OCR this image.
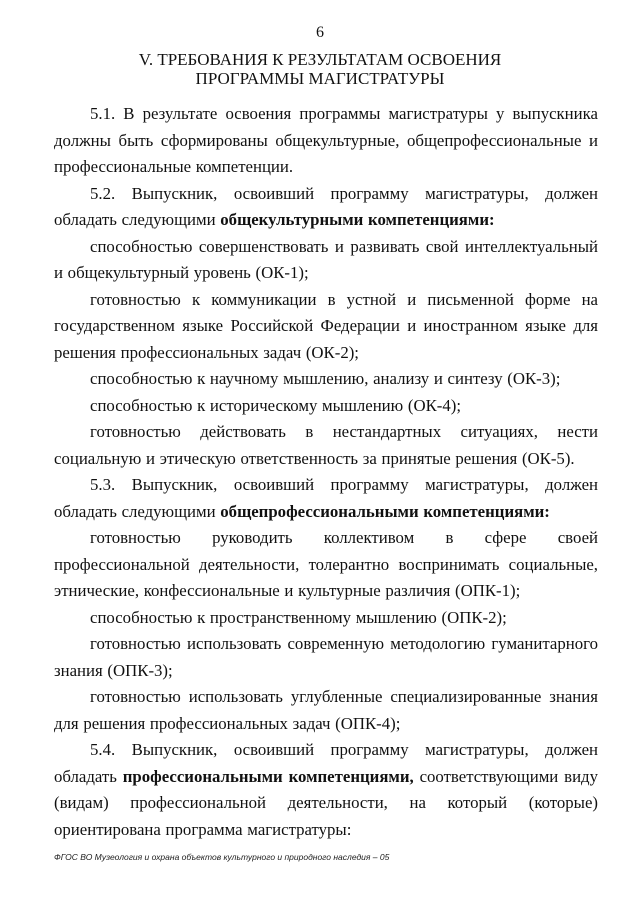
6
V. ТРЕБОВАНИЯ К РЕЗУЛЬТАТАМ ОСВОЕНИЯ
ПРОГРАММЫ МАГИСТРАТУРЫ

5.1. В результате освоения программы магистратуры у выпускника должны быть сформированы общекультурные, общепрофессиональные и профессиональные компетенции.

5.2. Выпускник, освоивший программу магистратуры, должен обладать следующими общекультурными компетенциями:

способностью совершенствовать и развивать свой интеллектуальный и общекультурный уровень (ОК-1);

готовностью к коммуникации в устной и письменной форме на государственном языке Российской Федерации и иностранном языке для решения профессиональных задач (ОК-2);

способностью к научному мышлению, анализу и синтезу (ОК-3);

способностью к историческому мышлению (ОК-4);

готовностью действовать в нестандартных ситуациях, нести социальную и этическую ответственность за принятые решения (ОК-5).

5.3. Выпускник, освоивший программу магистратуры, должен обладать следующими общепрофессиональными компетенциями:

готовностью руководить коллективом в сфере своей профессиональной деятельности, толерантно воспринимать социальные, этнические, конфессиональные и культурные различия (ОПК-1);

способностью к пространственному мышлению (ОПК-2);

готовностью использовать современную методологию гуманитарного знания (ОПК-3);

готовностью использовать углубленные специализированные знания для решения профессиональных задач (ОПК-4);

5.4. Выпускник, освоивший программу магистратуры, должен обладать профессиональными компетенциями, соответствующими виду (видам) профессиональной деятельности, на который (которые) ориентирована программа магистратуры:

ФГОС ВО Музеология и охрана объектов культурного и природного наследия – 05
